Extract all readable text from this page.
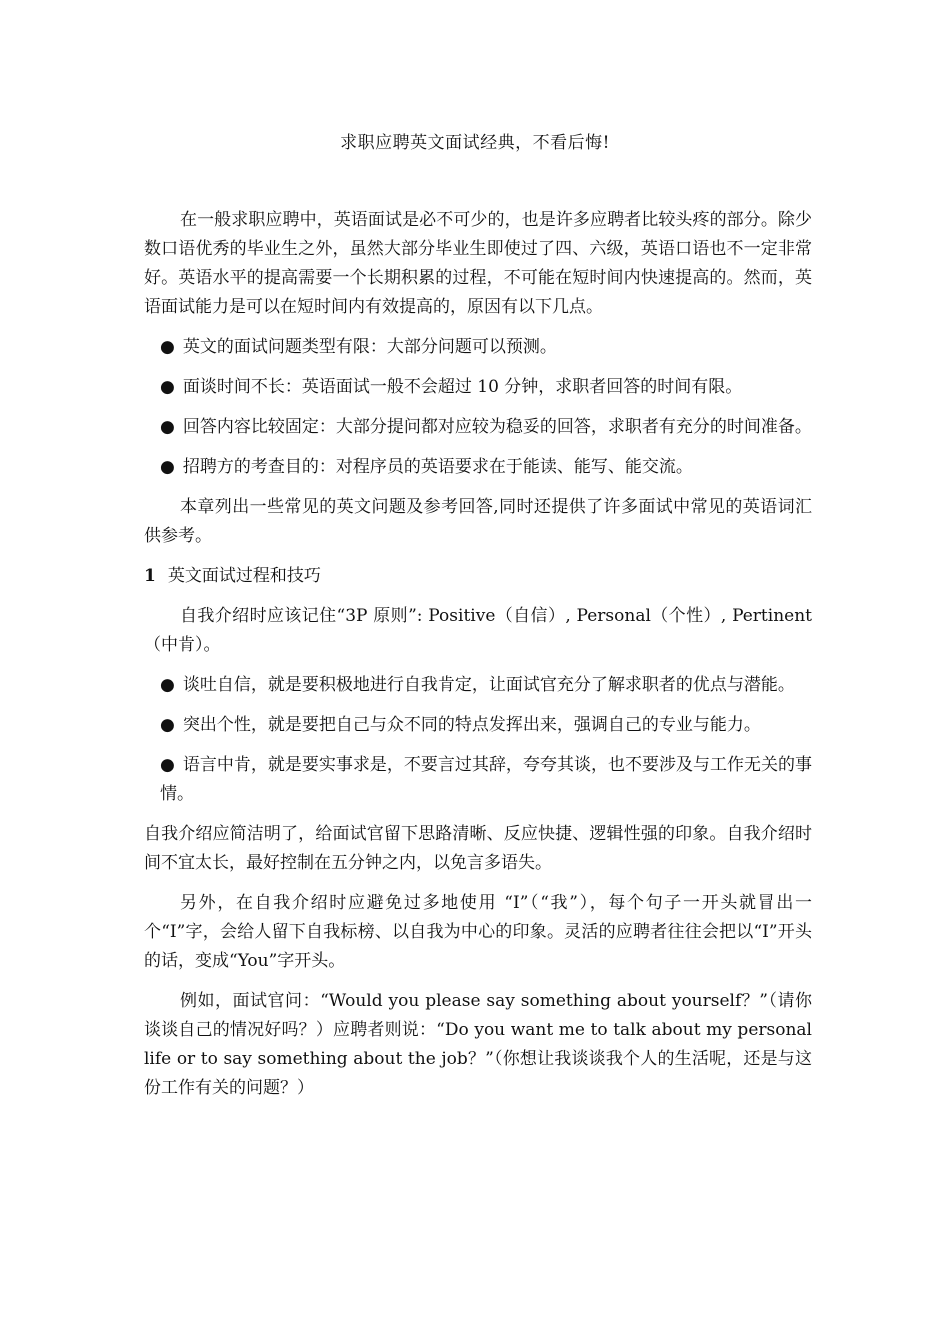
求职应聘英文面试经典，不看后悔!

在一般求职应聘中，英语面试是必不可少的，也是许多应聘者比较头疼的部分。除少数口语优秀的毕业生之外，虽然大部分毕业生即使过了四、六级，英语口语也不一定非常好。英语水平的提高需要一个长期积累的过程，不可能在短时间内快速提高的。然而，英语面试能力是可以在短时间内有效提高的，原因有以下几点。

● 英文的面试问题类型有限：大部分问题可以预测。

● 面谈时间不长：英语面试一般不会超过 10 分钟，求职者回答的时间有限。

● 回答内容比较固定：大部分提问都对应较为稳妥的回答，求职者有充分的时间准备。

● 招聘方的考查目的：对程序员的英语要求在于能读、能写、能交流。

本章列出一些常见的英文问题及参考回答,同时还提供了许多面试中常见的英语词汇供参考。

1 英文面试过程和技巧

自我介绍时应该记住“3P 原则”: Positive（自信）, Personal（个性）, Pertinent（中肯）。

● 谈吐自信，就是要积极地进行自我肯定，让面试官充分了解求职者的优点与潜能。

● 突出个性，就是要把自己与众不同的特点发挥出来，强调自己的专业与能力。

● 语言中肯，就是要实事求是，不要言过其辞，夸夸其谈，也不要涉及与工作无关的事情。

自我介绍应简洁明了，给面试官留下思路清晰、反应快捷、逻辑性强的印象。自我介绍时间不宜太长，最好控制在五分钟之内，以免言多语失。

另外，在自我介绍时应避免过多地使用 “I”（“我”），每个句子一开头就冒出一个“I”字，会给人留下自我标榜、以自我为中心的印象。灵活的应聘者往往会把以“I”开头的话，变成“You”字开头。

例如，面试官问：“Would you please say something about yourself？”（请你谈谈自己的情况好吗？）应聘者则说：“Do you want me to talk about my personal life or to say something about the job？”（你想让我谈谈我个人的生活呢，还是与这份工作有关的问题？）
